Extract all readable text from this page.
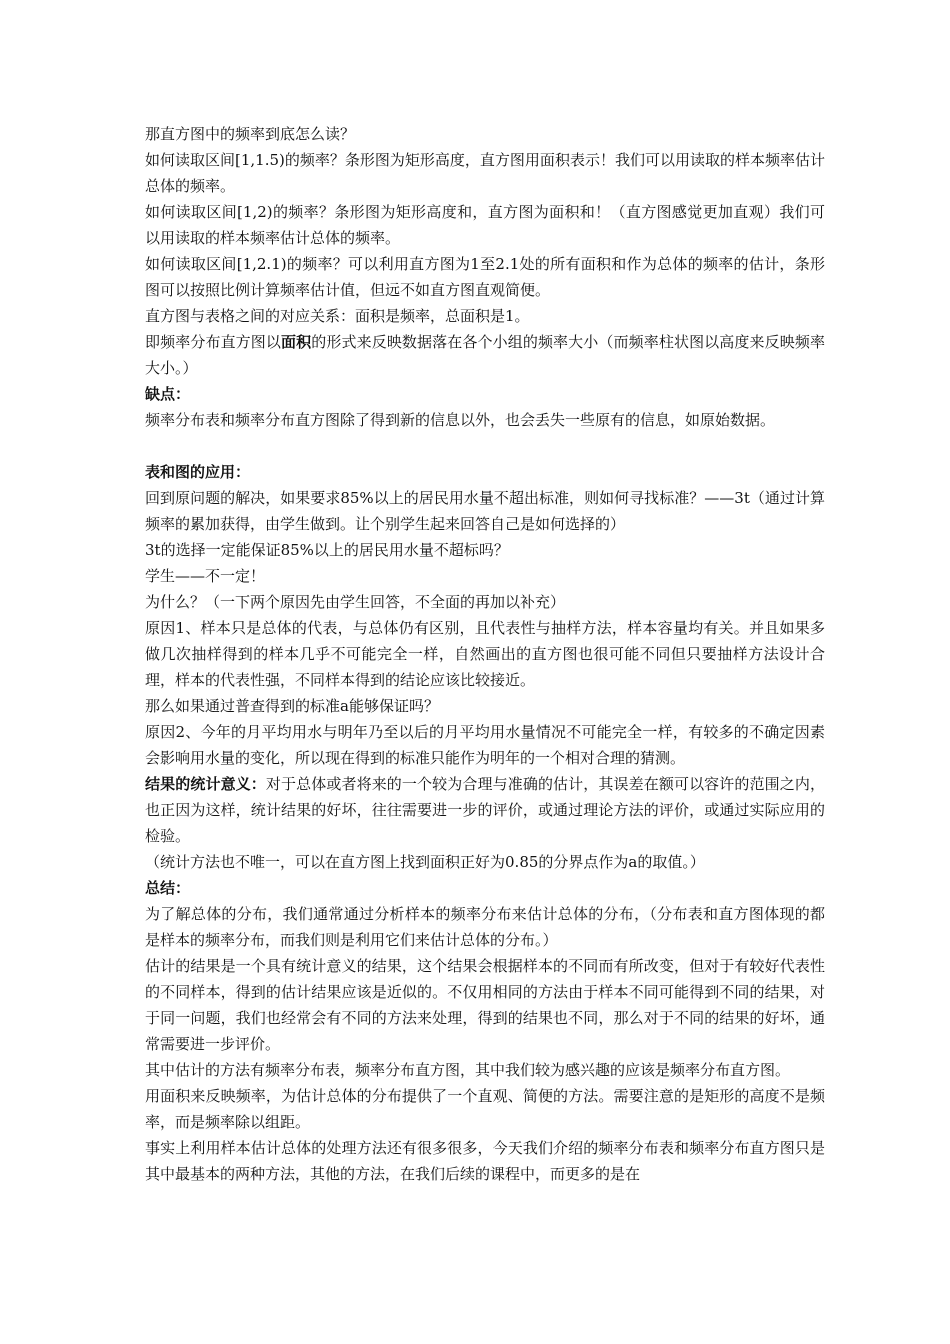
那直方图中的频率到底怎么读？

如何读取区间[1,1.5)的频率？条形图为矩形高度，直方图用面积表示！我们可以用读取的样本频率估计总体的频率。

如何读取区间[1,2)的频率？条形图为矩形高度和，直方图为面积和！（直方图感觉更加直观）我们可以用读取的样本频率估计总体的频率。

如何读取区间[1,2.1)的频率？可以利用直方图为1至2.1处的所有面积和作为总体的频率的估计，条形图可以按照比例计算频率估计值，但远不如直方图直观简便。

直方图与表格之间的对应关系：面积是频率，总面积是1。

即频率分布直方图以面积的形式来反映数据落在各个小组的频率大小（而频率柱状图以高度来反映频率大小。）

缺点：

频率分布表和频率分布直方图除了得到新的信息以外，也会丢失一些原有的信息，如原始数据。

表和图的应用：

回到原问题的解决，如果要求85%以上的居民用水量不超出标准，则如何寻找标准？——3t（通过计算频率的累加获得，由学生做到。让个别学生起来回答自己是如何选择的）

3t的选择一定能保证85%以上的居民用水量不超标吗？

学生——不一定！

为什么？（一下两个原因先由学生回答，不全面的再加以补充）

原因1、样本只是总体的代表，与总体仍有区别，且代表性与抽样方法，样本容量均有关。并且如果多做几次抽样得到的样本几乎不可能完全一样，自然画出的直方图也很可能不同但只要抽样方法设计合理，样本的代表性强，不同样本得到的结论应该比较接近。

那么如果通过普查得到的标准a能够保证吗？

原因2、今年的月平均用水与明年乃至以后的月平均用水量情况不可能完全一样，有较多的不确定因素会影响用水量的变化，所以现在得到的标准只能作为明年的一个相对合理的猜测。

结果的统计意义：对于总体或者将来的一个较为合理与准确的估计，其误差在额可以容许的范围之内，也正因为这样，统计结果的好坏，往往需要进一步的评价，或通过理论方法的评价，或通过实际应用的检验。

（统计方法也不唯一，可以在直方图上找到面积正好为0.85的分界点作为a的取值。）

总结：

为了解总体的分布，我们通常通过分析样本的频率分布来估计总体的分布，（分布表和直方图体现的都是样本的频率分布，而我们则是利用它们来估计总体的分布。）

估计的结果是一个具有统计意义的结果，这个结果会根据样本的不同而有所改变，但对于有较好代表性的不同样本，得到的估计结果应该是近似的。不仅用相同的方法由于样本不同可能得到不同的结果，对于同一问题，我们也经常会有不同的方法来处理，得到的结果也不同，那么对于不同的结果的好坏，通常需要进一步评价。

其中估计的方法有频率分布表，频率分布直方图，其中我们较为感兴趣的应该是频率分布直方图。

用面积来反映频率，为估计总体的分布提供了一个直观、简便的方法。需要注意的是矩形的高度不是频率，而是频率除以组距。

事实上利用样本估计总体的处理方法还有很多很多，今天我们介绍的频率分布表和频率分布直方图只是其中最基本的两种方法，其他的方法，在我们后续的课程中，而更多的是在
